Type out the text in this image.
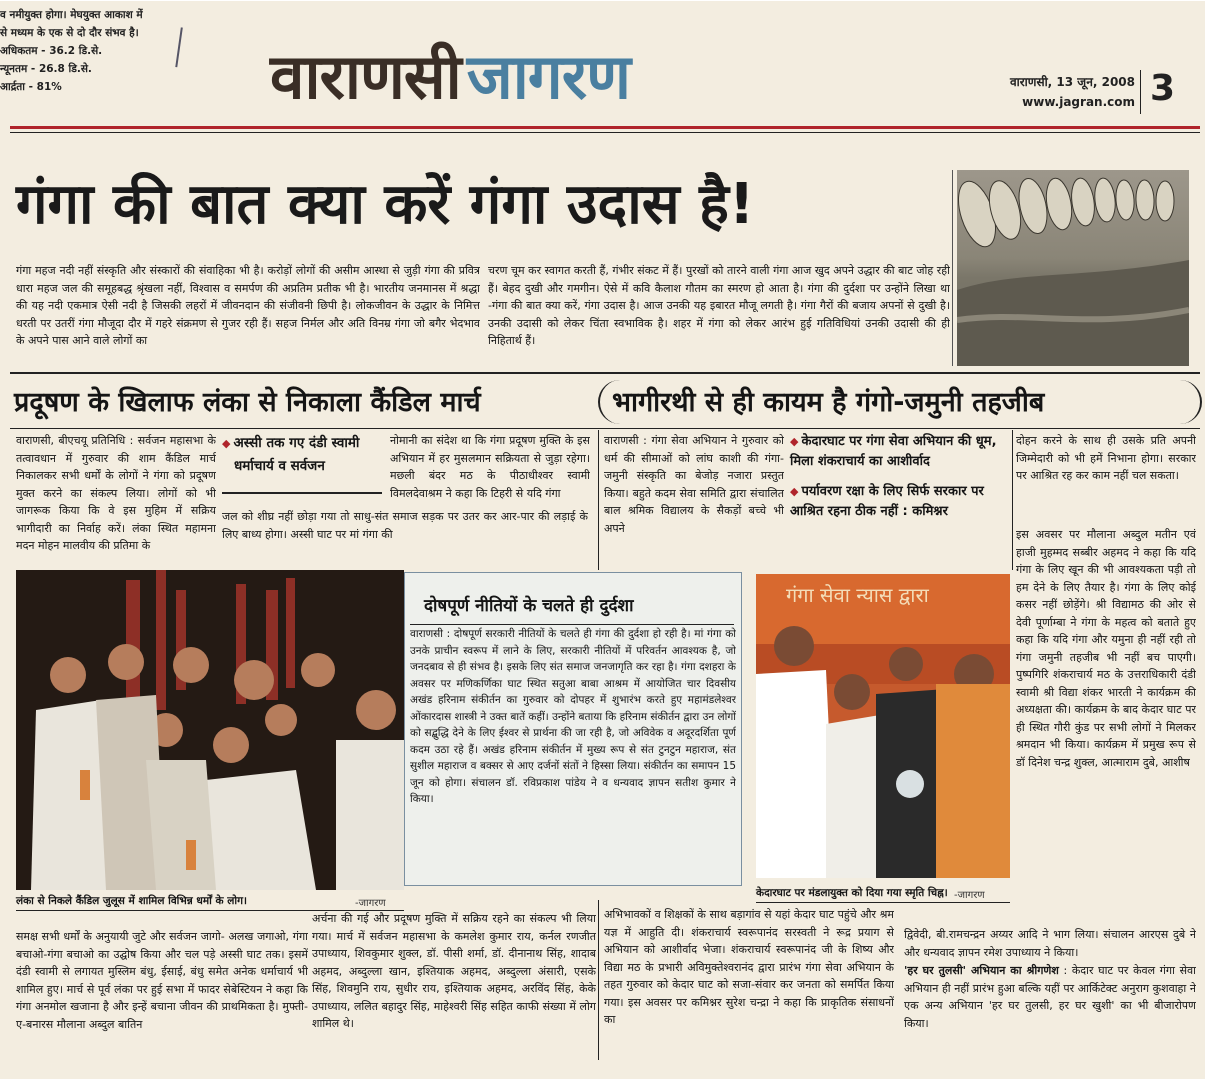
व नमीयुक्त होगा। मेघयुक्त आकाश में
से मध्यम के एक से दो दौर संभव है।
अधिकतम - 36.2 डि.से.
न्यूनतम - 26.8 डि.से.
आर्द्रता - 81%	वाराणसीजागरण	वाराणसी, 13 जून, 2008
www.jagran.com 3
गंगा की बात क्या करें गंगा उदास है!
गंगा महज नदी नहीं संस्कृति और संस्कारों की संवाहिका भी है। करोड़ों लोगों की असीम आस्था से जुड़ी गंगा की प्रवित्र धारा महज जल की समूहबद्ध श्रृंखला नहीं, विश्वास व समर्पण की अप्रतिम प्रतीक भी है। भारतीय जनमानस में श्रद्धा की यह नदी एकमात्र ऐसी नदी है जिसकी लहरों में जीवनदान की संजीवनी छिपी है। लोकजीवन के उद्धार के निमित्त धरती पर उतरीं गंगा मौजूदा दौर में गहरे संक्रमण से गुजर रही हैं। सहज निर्मल और अति विनम्र गंगा जो बगैर भेदभाव के अपने पास आने वाले लोगों का
चरण चूम कर स्वागत करती हैं, गंभीर संकट में हैं। पुरखों को तारने वाली गंगा आज खुद अपने उद्धार की बाट जोह रही हैं। बेहद दुखी और गमगीन। ऐसे में कवि कैलाश गौतम का स्मरण हो आता है। गंगा की दुर्दशा पर उन्होंने लिखा था -गंगा की बात क्या करें, गंगा उदास है। आज उनकी यह इबारत मौजू लगती है। गंगा गैरों की बजाय अपनों से दुखी है। उनकी उदासी को लेकर चिंता स्वभाविक है। शहर में गंगा को लेकर आरंभ हुई गतिविधियां उनकी उदासी की ही निहितार्थ हैं।
प्रदूषण के खिलाफ लंका से निकाला कैंडिल मार्च	भागीरथी से ही कायम है गंगो-जमुनी तहजीब
वाराणसी, बीएचयू प्रतिनिधि : सर्वजन महासभा के तत्वावधान में गुरुवार की शाम कैंडिल मार्च निकालकर सभी धर्मों के लोगों ने गंगा को प्रदूषण मुक्त करने का संकल्प लिया। लोगों को भी जागरूक किया कि वे इस मुहिम में सक्रिय भागीदारी का निर्वाह करें। लंका स्थित महामना मदन मोहन मालवीय की प्रतिमा के
◆ अस्सी तक गए दंडी स्वामी
धर्माचार्य व सर्वजन
जल को शीघ्र नहीं छोड़ा गया तो साधु-संत समाज सड़क पर उतर कर आर-पार की लड़ाई के लिए बाध्य होगा। अस्सी घाट पर मां गंगा की
नोमानी का संदेश था कि गंगा प्रदूषण मुक्ति के इस अभियान में हर मुसलमान सक्रियता से जुड़ा रहेगा। मछली बंदर मठ के पीठाधीश्वर स्वामी विमलदेवाश्रम ने कहा कि टिहरी से यदि गंगा
लंका से निकले कैंडिल जुलूस में शामिल विभिन्न धर्मों के लोग।	-जागरण
समक्ष सभी धर्मों के अनुयायी जुटे और सर्वजन जागो- अलख जगाओ, गंगा बचाओ-गंगा बचाओ का उद्घोष किया और चल पड़े अस्सी घाट तक। इसमें दंडी स्वामी से लगायत मुस्लिम बंधु, ईसाई, बंधु समेत अनेक धर्माचार्य भी शामिल हुए। मार्च से पूर्व लंका पर हुई सभा में फादर सेबेस्टियन ने कहा कि गंगा अनमोल खजाना है और इन्हें बचाना जीवन की प्राथमिकता है। मुफ्ती-ए-बनारस मौलाना अब्दुल बातिन
अर्चना की गई और प्रदूषण मुक्ति में सक्रिय रहने का संकल्प भी लिया गया। मार्च में सर्वजन महासभा के कमलेश कुमार राय, कर्नल रणजीत उपाध्याय, शिवकुमार शुक्ल, डॉ. पीसी शर्मा, डॉ. दीनानाथ सिंह, शादाब अहमद, अब्दुल्ला खान, इश्तियाक अहमद, अब्दुल्ला अंसारी, एसके सिंह, शिवमुनि राय, सुधीर राय, इश्तियाक अहमद, अरविंद सिंह, केके उपाध्याय, ललित बहादुर सिंह, माहेश्वरी सिंह सहित काफी संख्या में लोग शामिल थे।
दोषपूर्ण नीतियों के चलते ही दुर्दशा
वाराणसी : दोषपूर्ण सरकारी नीतियों के चलते ही गंगा की दुर्दशा हो रही है। मां गंगा को उनके प्राचीन स्वरूप में लाने के लिए, सरकारी नीतियों में परिवर्तन आवश्यक है, जो जनदबाव से ही संभव है। इसके लिए संत समाज जनजागृति कर रहा है। गंगा दशहरा के अवसर पर मणिकर्णिका घाट स्थित सतुआ बाबा आश्रम में आयोजित चार दिवसीय अखंड हरिनाम संकीर्तन का गुरुवार को दोपहर में शुभारंभ करते हुए महामंडलेश्वर ओंकारदास शास्त्री ने उक्त बातें कहीं। उन्होंने बताया कि हरिनाम संकीर्तन द्वारा उन लोगों को सद्बुद्धि देने के लिए ईश्वर से प्रार्थना की जा रही है, जो अविवेक व अदूरदर्शिता पूर्ण कदम उठा रहे हैं। अखंड हरिनाम संकीर्तन में मुख्य रूप से संत टुनटुन महाराज, संत सुशील महाराज व बक्सर से आए दर्जनों संतों ने हिस्सा लिया। संकीर्तन का समापन 15 जून को होगा। संचालन डॉ. रविप्रकाश पांडेय ने व धन्यवाद ज्ञापन सतीश कुमार ने किया।
वाराणसी : गंगा सेवा अभियान ने गुरुवार को धर्म की सीमाओं को लांघ काशी की गंगा-जमुनी संस्कृति का बेजोड़ नजारा प्रस्तुत किया। बहुते कदम सेवा समिति द्वारा संचालित बाल श्रमिक विद्यालय के सैकड़ों बच्चे भी अपने
◆ केदारघाट पर गंगा सेवा अभियान की धूम, मिला शंकराचार्य का आशीर्वाद
◆ पर्यावरण रक्षा के लिए सिर्फ सरकार पर आश्रित रहना ठीक नहीं : कमिश्नर
दोहन करने के साथ ही उसके प्रति अपनी जिम्मेदारी को भी हमें निभाना होगा। सरकार पर आश्रित रह कर काम नहीं चल सकता।
इस अवसर पर मौलाना अब्दुल मतीन एवं हाजी मुहम्मद सब्बीर अहमद ने कहा कि यदि गंगा के लिए खून की भी आवश्यकता पड़ी तो हम देने के लिए तैयार है। गंगा के लिए कोई कसर नहीं छोड़ेंगे। श्री विद्यामठ की ओर से देवी पूर्णाम्बा ने गंगा के महत्व को बताते हुए कहा कि यदि गंगा और यमुना ही नहीं रही तो गंगा जमुनी तहजीब भी नहीं बच पाएगी। पुष्पगिरि शंकराचार्य मठ के उत्तराधिकारी दंडी स्वामी श्री विद्या शंकर भारती ने कार्यक्रम की अध्यक्षता की। कार्यक्रम के बाद केदार घाट पर ही स्थित गौरी कुंड पर सभी लोगों ने मिलकर श्रमदान भी किया। कार्यक्रम में प्रमुख रूप से डॉ दिनेश चन्द्र शुक्ल, आत्माराम दुबे, आशीष
गंगा सेवा न्यास द्वारा
केदारघाट पर मंडलायुक्त को दिया गया स्मृति चिह्न। -जागरण
अभिभावकों व शिक्षकों के साथ बड़ागांव से यहां केदार घाट पहुंचे और श्रम यज्ञ में आहुति दी। शंकराचार्य स्वरूपानंद सरस्वती ने रूद्र प्रयाग से अभियान को आशीर्वाद भेजा। शंकराचार्य स्वरूपानंद जी के शिष्य और विद्या मठ के प्रभारी अविमुक्तेश्वरानंद द्वारा प्रारंभ गंगा सेवा अभियान के तहत गुरुवार को केदार घाट को सजा-संवार कर जनता को समर्पित किया गया। इस अवसर पर कमिश्नर सुरेश चन्द्रा ने कहा कि प्राकृतिक संसाधनों का
द्विवेदी, बी.रामचन्द्रन अय्यर आदि ने भाग लिया। संचालन आरएस दुबे ने और धन्यवाद ज्ञापन रमेश उपाध्याय ने किया।
'हर घर तुलसी' अभियान का श्रीगणेश : केदार घाट पर केवल गंगा सेवा अभियान ही नहीं प्रारंभ हुआ बल्कि यहीं पर आर्किटेक्ट अनुराग कुशवाहा ने एक अन्य अभियान 'हर घर तुलसी, हर घर खुशी' का भी बीजारोपण किया।
